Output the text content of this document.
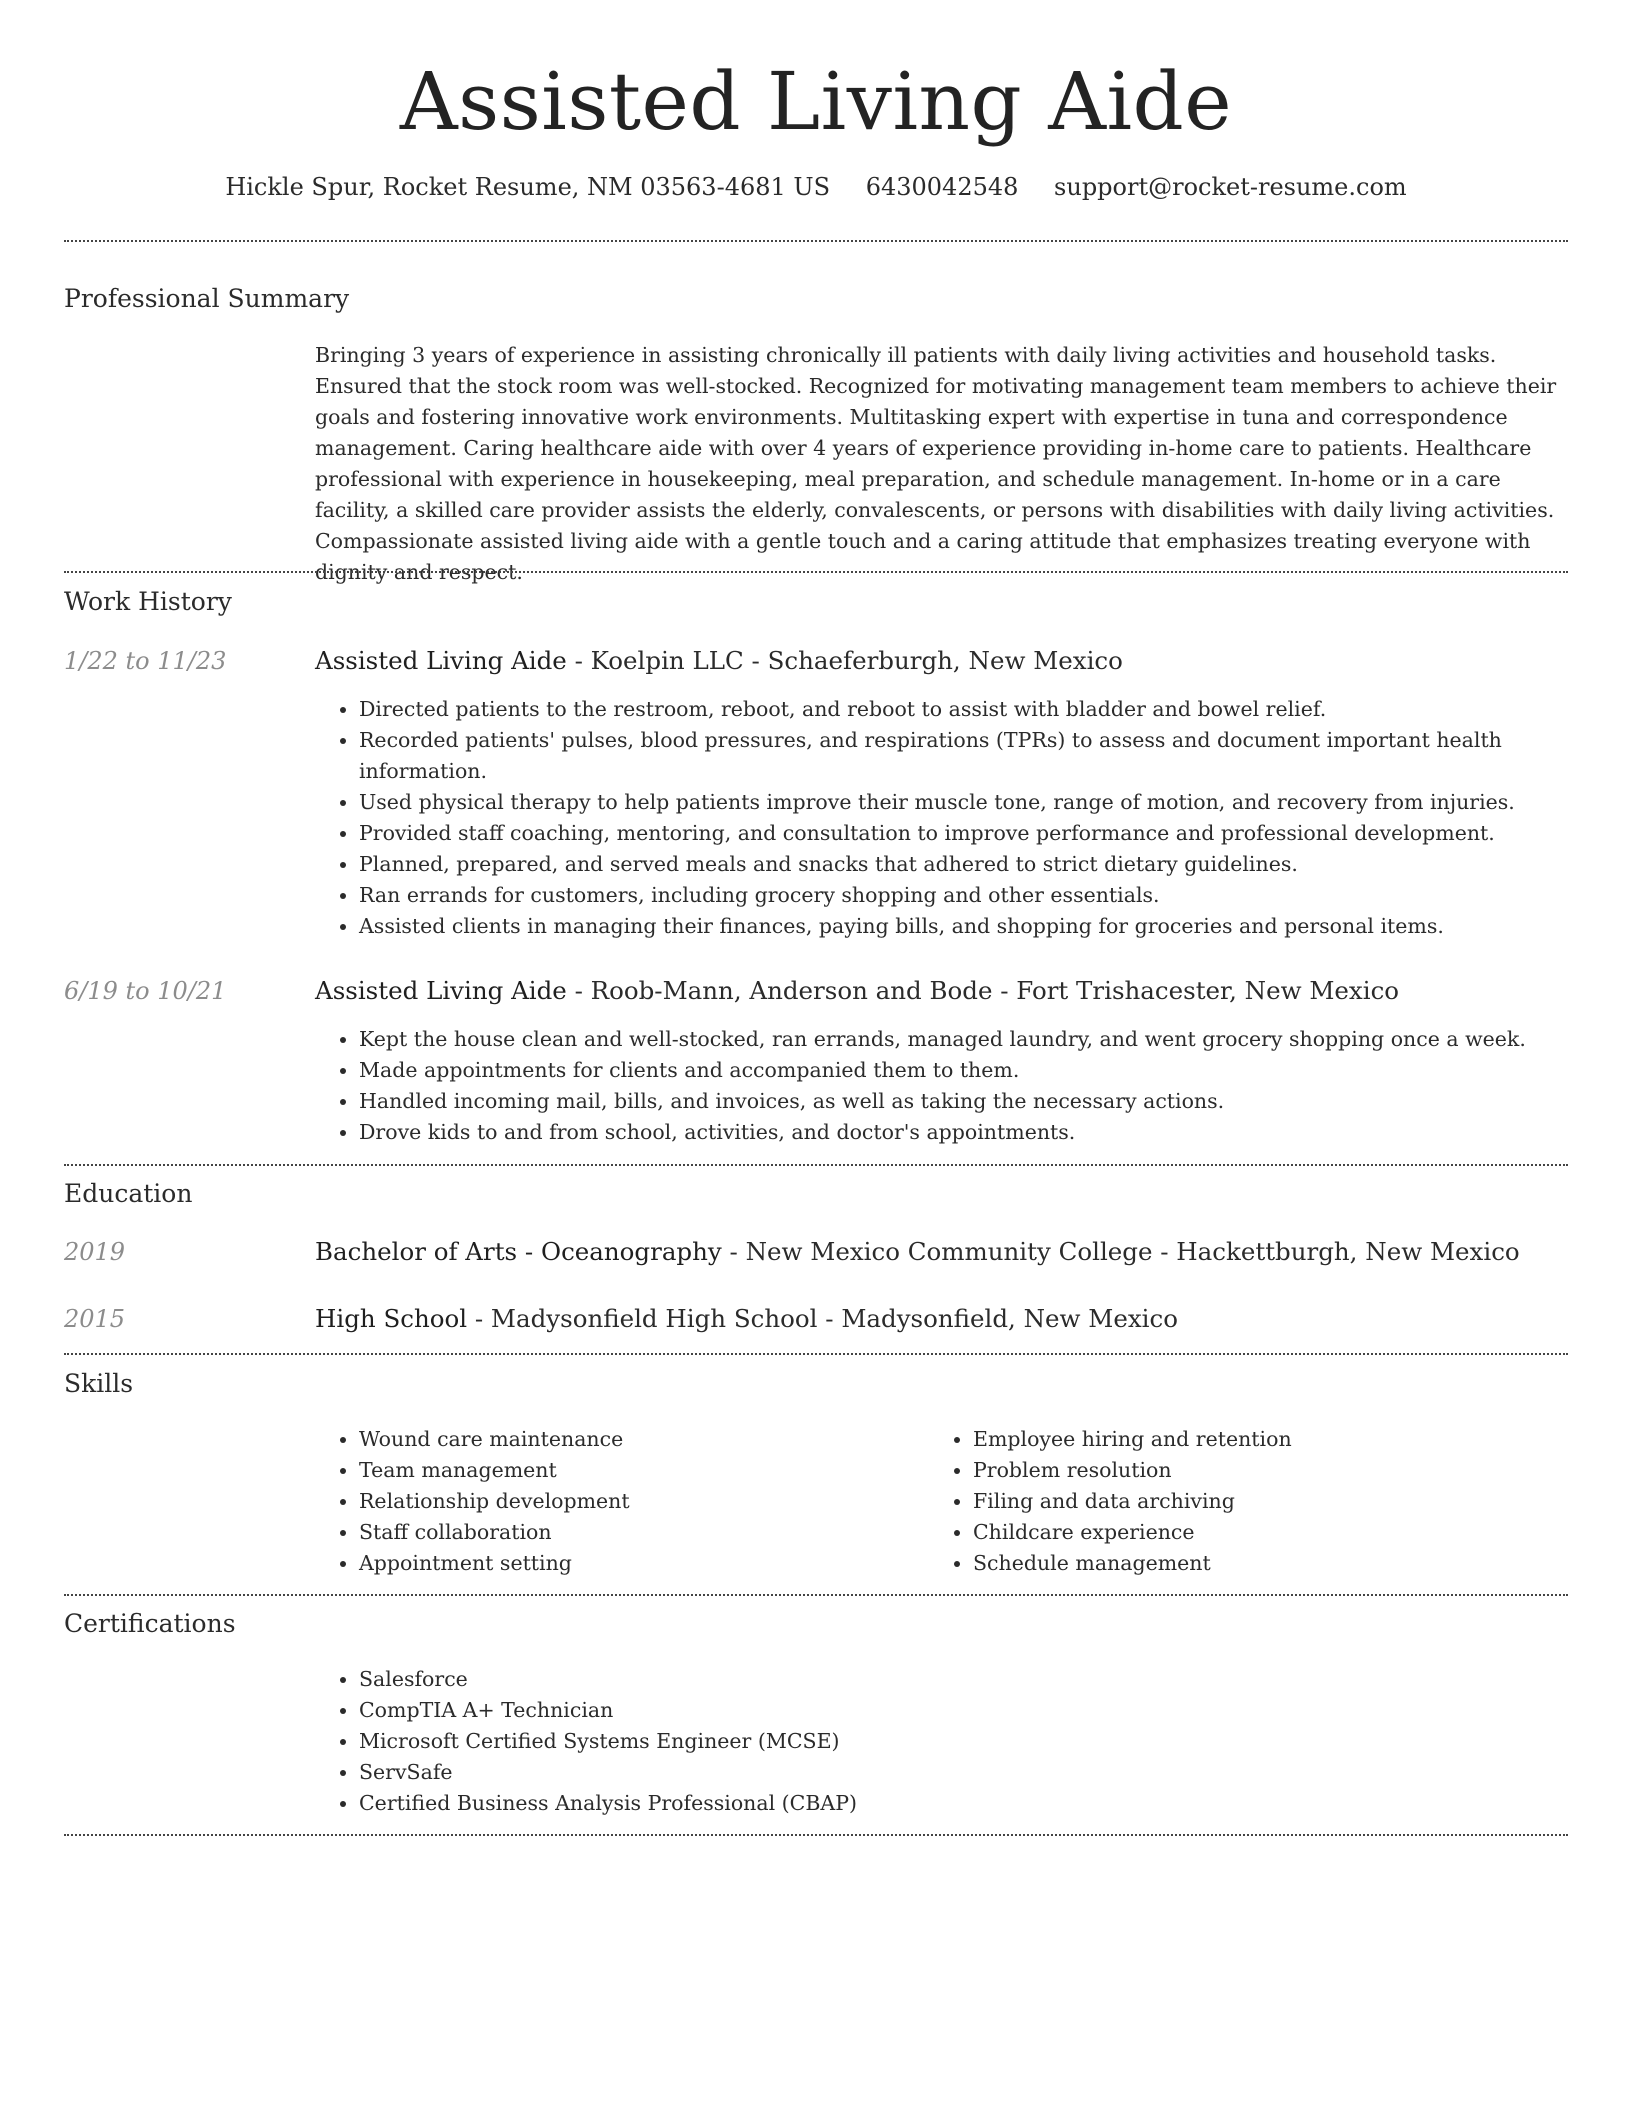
Assisted Living Aide
Hickle Spur, Rocket Resume, NM 03563-4681 US 6430042548 support@rocket-resume.com
Professional Summary
Bringing 3 years of experience in assisting chronically ill patients with daily living activities and household tasks. Ensured that the stock room was well-stocked. Recognized for motivating management team members to achieve their goals and fostering innovative work environments. Multitasking expert with expertise in tuna and correspondence management. Caring healthcare aide with over 4 years of experience providing in-home care to patients. Healthcare professional with experience in housekeeping, meal preparation, and schedule management. In-home or in a care facility, a skilled care provider assists the elderly, convalescents, or persons with disabilities with daily living activities. Compassionate assisted living aide with a gentle touch and a caring attitude that emphasizes treating everyone with dignity and respect.
Work History
1/22 to 11/23	Assisted Living Aide - Koelpin LLC - Schaeferburgh, New Mexico
• Directed patients to the restroom, reboot, and reboot to assist with bladder and bowel relief.
• Recorded patients' pulses, blood pressures, and respirations (TPRs) to assess and document important health information.
• Used physical therapy to help patients improve their muscle tone, range of motion, and recovery from injuries.
• Provided staff coaching, mentoring, and consultation to improve performance and professional development.
• Planned, prepared, and served meals and snacks that adhered to strict dietary guidelines.
• Ran errands for customers, including grocery shopping and other essentials.
• Assisted clients in managing their finances, paying bills, and shopping for groceries and personal items.
6/19 to 10/21	Assisted Living Aide - Roob-Mann, Anderson and Bode - Fort Trishacester, New Mexico
• Kept the house clean and well-stocked, ran errands, managed laundry, and went grocery shopping once a week.
• Made appointments for clients and accompanied them to them.
• Handled incoming mail, bills, and invoices, as well as taking the necessary actions.
• Drove kids to and from school, activities, and doctor's appointments.
Education
2019	Bachelor of Arts - Oceanography - New Mexico Community College - Hackettburgh, New Mexico
2015	High School - Madysonfield High School - Madysonfield, New Mexico
Skills
• Wound care maintenance
• Team management
• Relationship development
• Staff collaboration
• Appointment setting
• Employee hiring and retention
• Problem resolution
• Filing and data archiving
• Childcare experience
• Schedule management
Certifications
• Salesforce
• CompTIA A+ Technician
• Microsoft Certified Systems Engineer (MCSE)
• ServSafe
• Certified Business Analysis Professional (CBAP)
